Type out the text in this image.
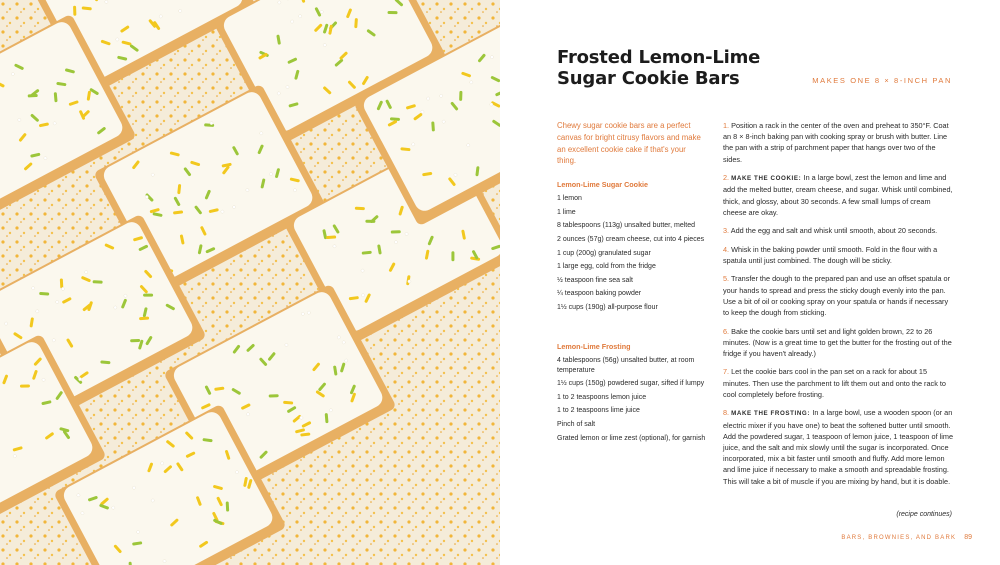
Frosted Lemon-Lime Sugar Cookie Bars	MAKES ONE 8 × 8-INCH PAN

Chewy sugar cookie bars are a perfect canvas for bright citrusy flavors and make an excellent cookie cake if that's your thing.

Lemon-Lime Sugar Cookie
1 lemon
1 lime
8 tablespoons (113g) unsalted butter, melted
2 ounces (57g) cream cheese, cut into 4 pieces
1 cup (200g) granulated sugar
1 large egg, cold from the fridge
½ teaspoon fine sea salt
¼ teaspoon baking powder
1½ cups (190g) all-purpose flour
Lemon-Lime Frosting
4 tablespoons (56g) unsalted butter, at room temperature
1½ cups (150g) powdered sugar, sifted if lumpy
1 to 2 teaspoons lemon juice
1 to 2 teaspoons lime juice
Pinch of salt
Grated lemon or lime zest (optional), for garnish
1. Position a rack in the center of the oven and preheat to 350°F. Coat an 8 × 8-inch baking pan with cooking spray or brush with butter. Line the pan with a strip of parchment paper that hangs over two of the sides.
2. MAKE THE COOKIE: In a large bowl, zest the lemon and lime and add the melted butter, cream cheese, and sugar. Whisk until combined, thick, and glossy, about 30 seconds. A few small lumps of cream cheese are okay.
3. Add the egg and salt and whisk until smooth, about 20 seconds.
4. Whisk in the baking powder until smooth. Fold in the flour with a spatula until just combined. The dough will be sticky.
5. Transfer the dough to the prepared pan and use an offset spatula or your hands to spread and press the sticky dough evenly into the pan. Use a bit of oil or cooking spray on your spatula or hands if necessary to keep the dough from sticking.
6. Bake the cookie bars until set and light golden brown, 22 to 26 minutes. (Now is a great time to get the butter for the frosting out of the fridge if you haven't already.)
7. Let the cookie bars cool in the pan set on a rack for about 15 minutes. Then use the parchment to lift them out and onto the rack to cool completely before frosting.
8. MAKE THE FROSTING: In a large bowl, use a wooden spoon (or an electric mixer if you have one) to beat the softened butter until smooth. Add the powdered sugar, 1 teaspoon of lemon juice, 1 teaspoon of lime juice, and the salt and mix slowly until the sugar is incorporated. Once incorporated, mix a bit faster until smooth and fluffy. Add more lemon and lime juice if necessary to make a smooth and spreadable frosting. This will take a bit of muscle if you are mixing by hand, but it is doable.
(recipe continues)
BARS, BROWNIES, AND BARK 89
